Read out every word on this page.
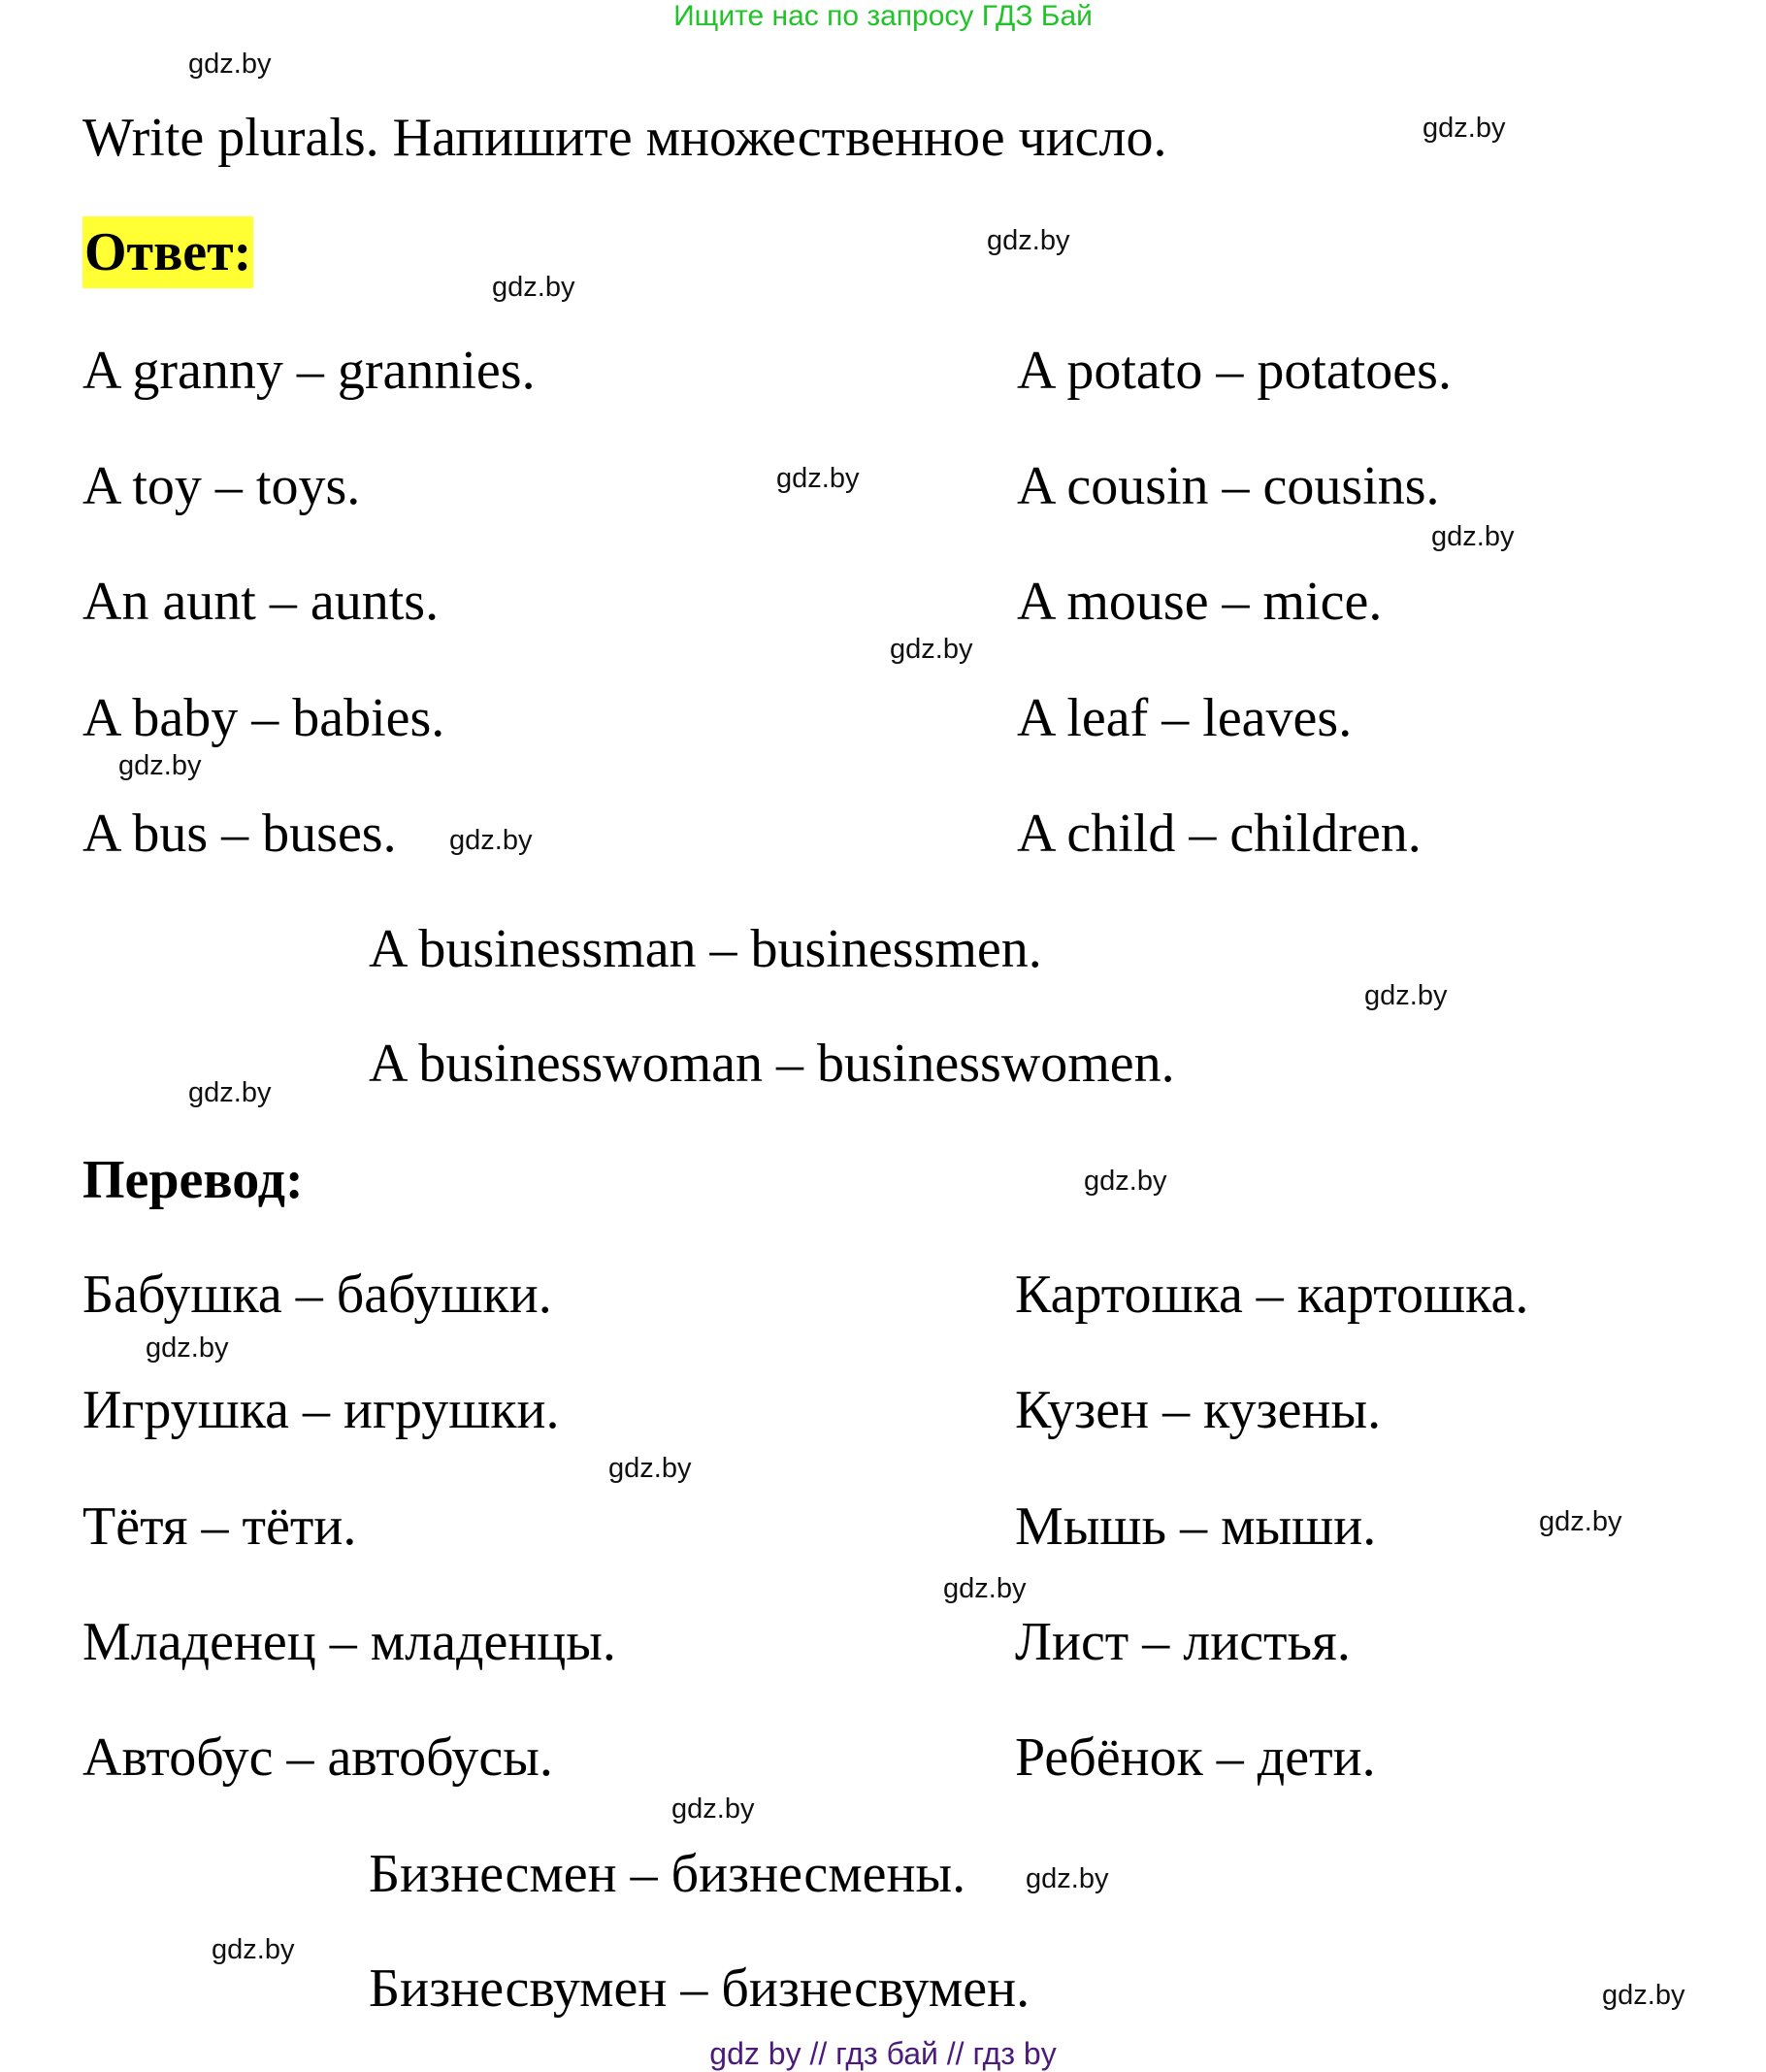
Ищите нас по запросу ГДЗ Бай
gdz.by
Write plurals. Напишите множественное число.	gdz.by
Ответ:	gdz.by
gdz.by
A granny – grannies.	A potato – potatoes.
A toy – toys.	gdz.by	A cousin – cousins.
gdz.by
An aunt – aunts.	A mouse – mice.
gdz.by
A baby – babies.	A leaf – leaves.
gdz.by
A bus – buses. gdz.by	A child – children.
A businessman – businessmen.
gdz.by
A businesswoman – businesswomen.
gdz.by
Перевод:	gdz.by
Бабушка – бабушки.	Картошка – картошка.
gdz.by
Игрушка – игрушки.	Кузен – кузены.
gdz.by
Тётя – тёти.	Мышь – мыши.	gdz.by
gdz.by
Младенец – младенцы.	Лист – листья.
Автобус – автобусы.	Ребёнок – дети.
gdz.by
Бизнесмен – бизнесмены. gdz.by
gdz.by
Бизнесвумен – бизнесвумен.	gdz.by
gdz by // гдз бай // гдз by
